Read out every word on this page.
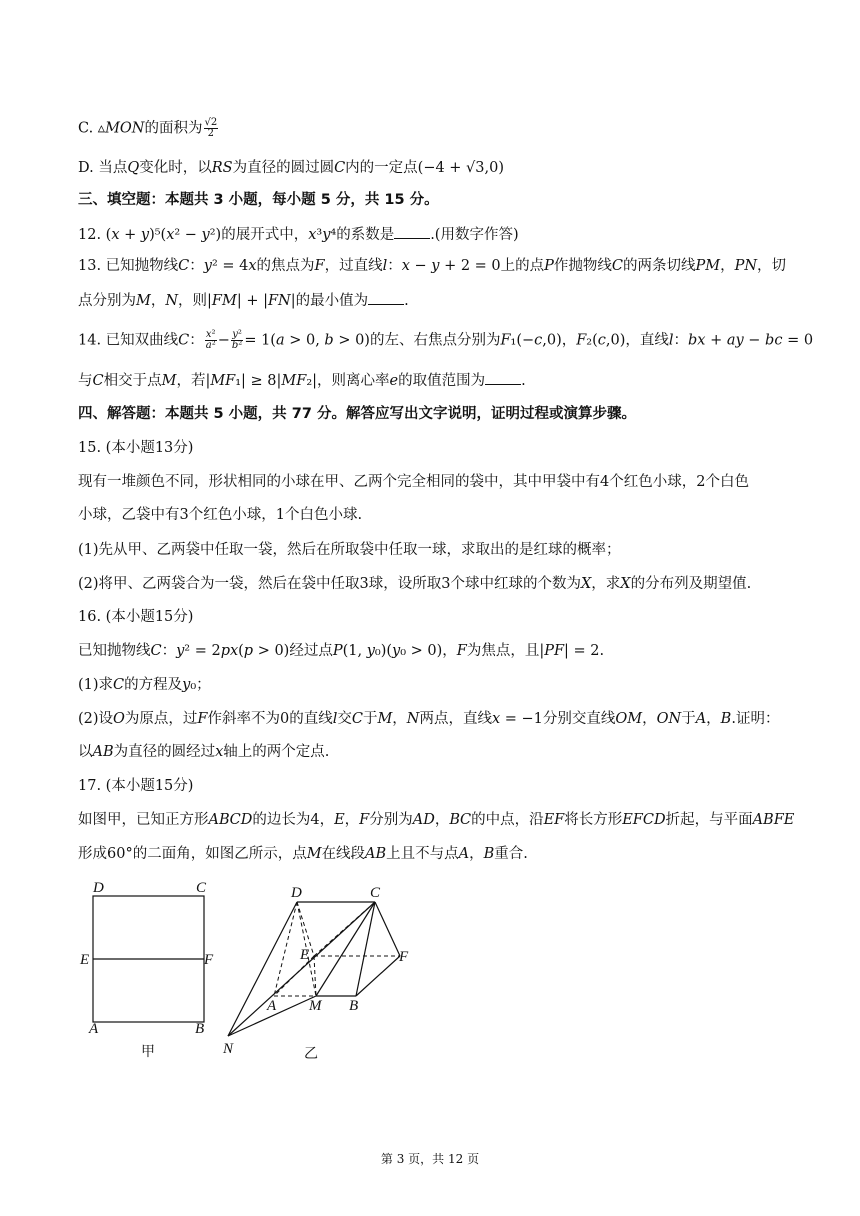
C. ▵𝑀𝑂𝑁的面积为 $\frac{√2}{2}$
D. 当点𝑄变化时，以𝑅𝑆为直径的圆过圆𝐶内的一定点(−4 + √3,0)
三、填空题：本题共 3 小题，每小题 5 分，共 15 分。
12. (𝑥 + 𝑦)⁵(𝑥² − 𝑦²)的展开式中，𝑥³𝑦⁴的系数是 .(用数字作答)
13. 已知抛物线𝐶：𝑦² = 4𝑥的焦点为𝐹，过直线𝑙：𝑥 − 𝑦 + 2 = 0上的点𝑃作抛物线𝐶的两条切线𝑃𝑀，𝑃𝑁，切
点分别为𝑀，𝑁，则|𝐹𝑀| + |𝐹𝑁|的最小值为 .
14. 已知双曲线𝐶： $\frac{\text{𝑥²}}{\text{𝑎²}} - \frac{\text{𝑦²}}{\text{𝑏²}}$ = 1(𝑎 > 0, 𝑏 > 0)的左、右焦点分别为𝐹₁(−𝑐,0)，𝐹₂(𝑐,0)，直线𝑙：𝑏𝑥 + 𝑎𝑦 − 𝑏𝑐 = 0
与𝐶相交于点𝑀，若|𝑀𝐹₁| ≥ 8|𝑀𝐹₂|，则离心率𝑒的取值范围为 .
四、解答题：本题共 5 小题，共 77 分。解答应写出文字说明，证明过程或演算步骤。
15. (本小题13分)
现有一堆颜色不同，形状相同的小球在甲、乙两个完全相同的袋中，其中甲袋中有4个红色小球，2个白色
小球，乙袋中有3个红色小球，1个白色小球.
(1)先从甲、乙两袋中任取一袋，然后在所取袋中任取一球，求取出的是红球的概率；
(2)将甲、乙两袋合为一袋，然后在袋中任取3球，设所取3个球中红球的个数为𝑋，求𝑋的分布列及期望值.
16. (本小题15分)
已知抛物线𝐶：𝑦² = 2𝑝𝑥(𝑝 > 0)经过点𝑃(1, 𝑦₀)(𝑦₀ > 0)，𝐹为焦点，且|𝑃𝐹| = 2.
(1)求𝐶的方程及𝑦₀；
(2)设𝑂为原点，过𝐹作斜率不为0的直线𝑙交𝐶于𝑀，𝑁两点，直线𝑥 = −1分别交直线𝑂𝑀，𝑂𝑁于𝐴，𝐵.证明：
以𝐴𝐵为直径的圆经过𝑥轴上的两个定点.
17. (本小题15分)
如图甲，已知正方形𝐴𝐵𝐶𝐷的边长为4，𝐸，𝐹分别为𝐴𝐷，𝐵𝐶的中点，沿𝐸𝐹将长方形𝐸𝐹𝐶𝐷折起，与平面𝐴𝐵𝐹𝐸
形成60°的二面角，如图乙所示，点𝑀在线段𝐴𝐵上且不与点𝐴，𝐵重合.
D	C
E	F
A	B
甲
D	C
E	F
A M B
N	乙
第 3 页，共 12 页
